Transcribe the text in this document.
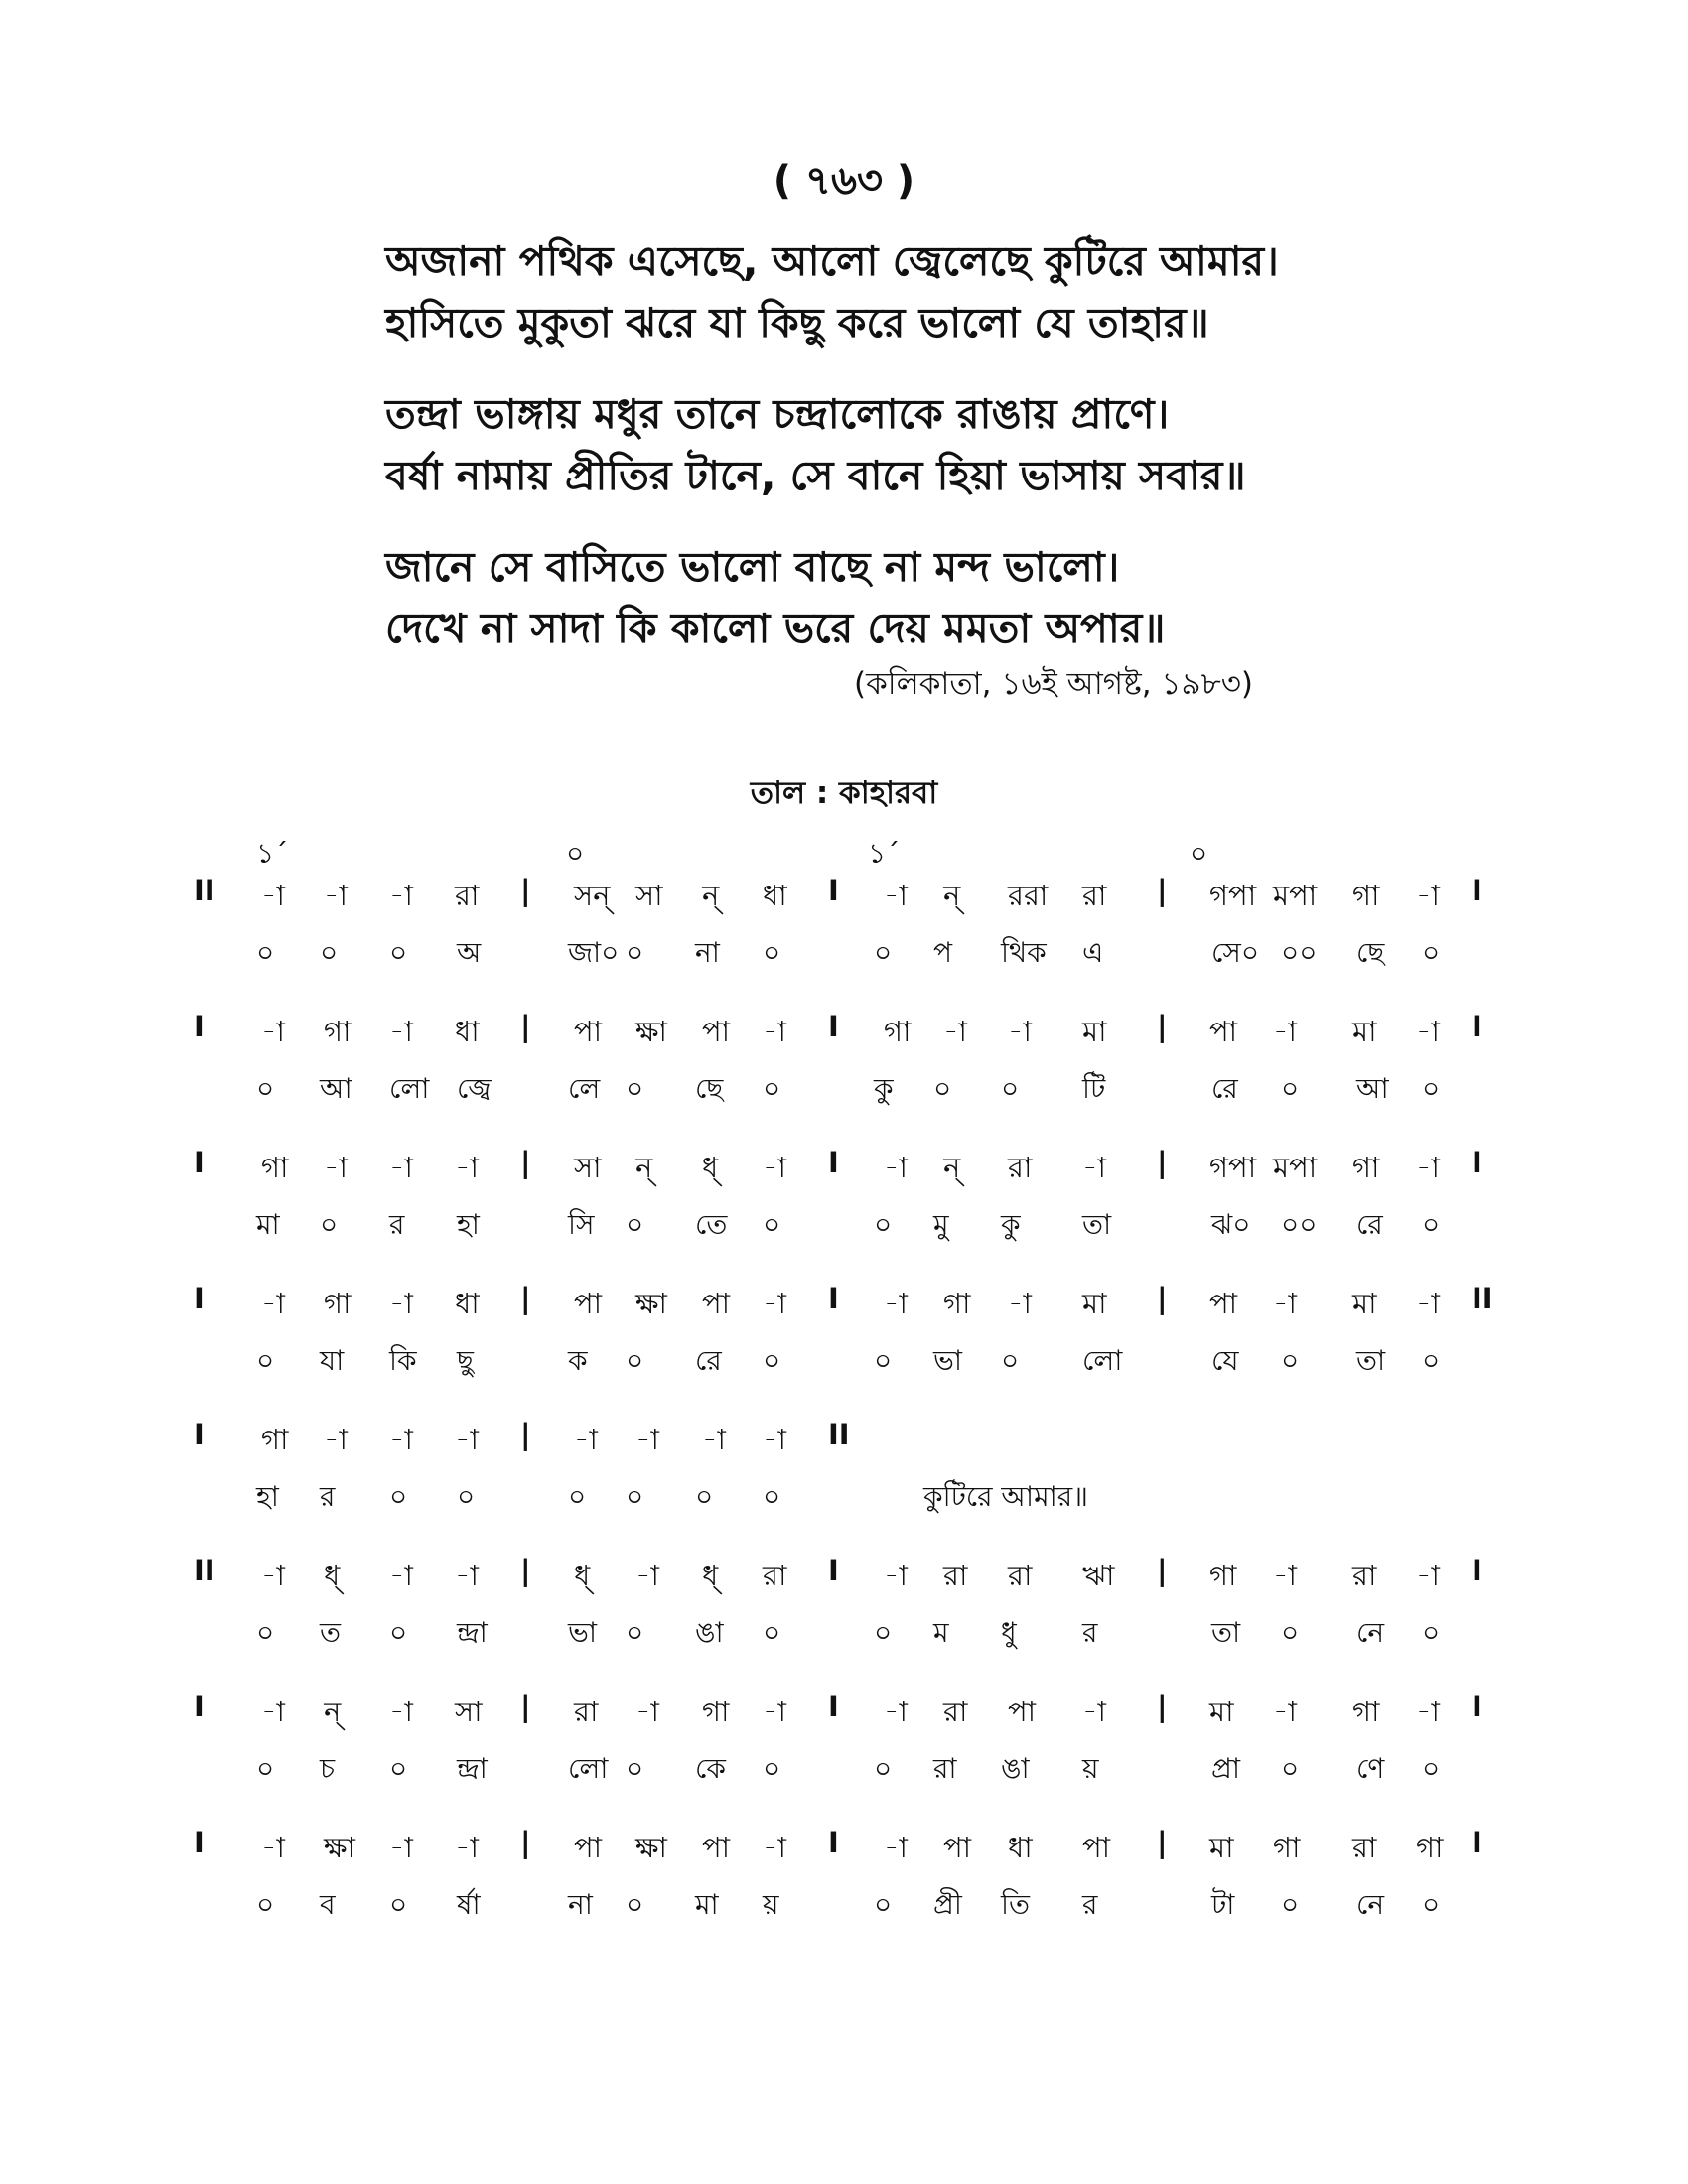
( ৭৬৩ )
অজানা পথিক এসেছে, আলো জ্বেলেছে কুটিরে আমার।
হাসিতে মুকুতা ঝরে যা কিছু করে ভালো যে তাহার॥
তন্দ্রা ভাঙ্গায় মধুর তানে চন্দ্রালোকে রাঙায় প্রাণে।
বর্ষা নামায় প্রীতির টানে, সে বানে হিয়া ভাসায় সবার॥
জানে সে বাসিতে ভালো বাছে না মন্দ ভালো।
দেখে না সাদা কি কালো ভরে দেয় মমতা অপার॥
(কলিকাতা, ১৬ই আগষ্ট, ১৯৮৩)
তাল : কাহারবা
১´	০	১´	০
II -া -া -া রা | সন্ সা ন্ ধা I -া ন্ ররা রা | গপা মপা গা -া I
০ ০ ০ অ	জা০ ০ না ০	০ প থিক এ	সে০ ০০ ছে ০
I -া গা -া ধা | পা ক্ষা পা -া I গা -া -া মা | পা -া মা -া I
০ আ লো জ্বে	লে ০ ছে ০	কু ০ ০ টি	রে ০ আ ০
I গা -া -া -া | সা ন্ ধ্ -া I -া ন্ রা -া | গপা মপা গা -া I
মা ০ র হা	সি ০ তে ০	০ মু কু তা	ঝ০ ০০ রে ০
I -া গা -া ধা | পা ক্ষা পা -া I -া গা -া মা | পা -া মা -া II
০ যা কি ছু	ক ০ রে ০	০ ভা ০ লো	যে ০ তা ০
I গা -া -া -া | -া -া -া -া II
হা র ০ ০	০ ০ ০ ০	কুটিরে আমার॥
II -া ধ্ -া -া | ধ্ -া ধ্ রা I -া রা রা ঋা | গা -া রা -া I
০ ত ০ ন্দ্রা	ভা ০ ঙা ০	০ ম ধু র	তা ০ নে ০
I -া ন্ -া সা | রা -া গা -া I -া রা পা -া | মা -া গা -া I
০ চ ০ ন্দ্রা	লো ০ কে ০	০ রা ঙা য়	প্রা ০ ণে ০
I -া ক্ষা -া -া | পা ক্ষা পা -া I -া পা ধা পা | মা গা রা গা I
০ ব ০ র্ষা	না ০ মা য়	০ প্রী তি র	টা ০ নে ০
